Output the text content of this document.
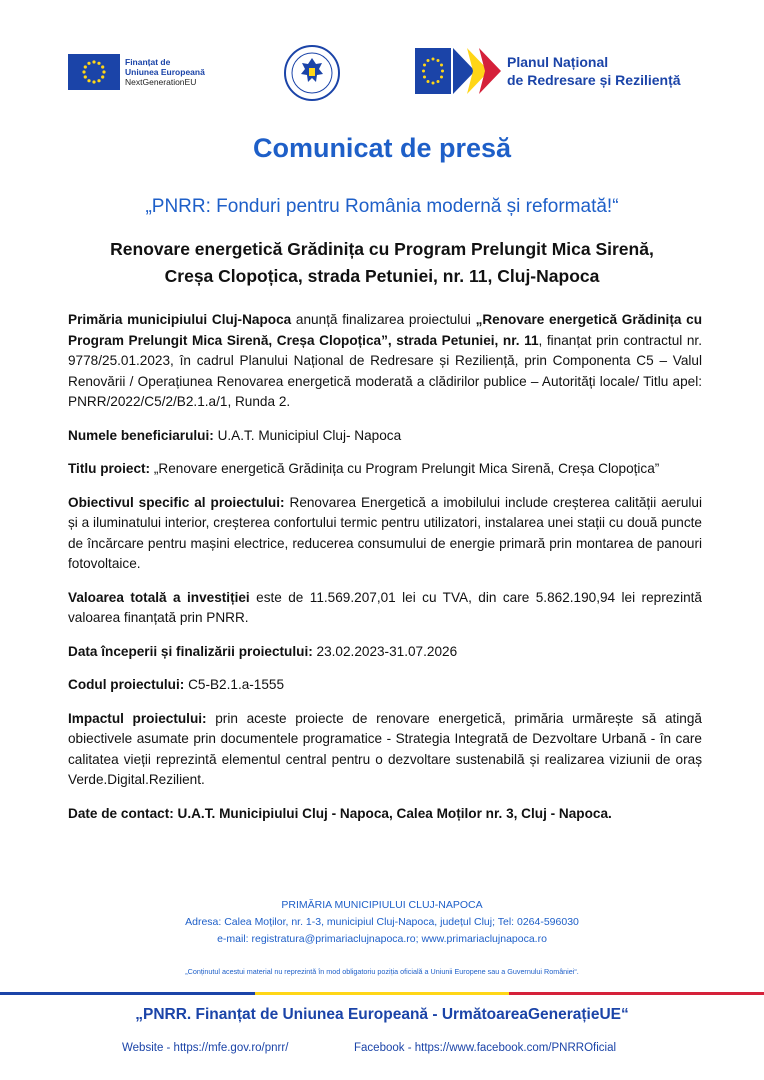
Finanțat de
Uniunea Europeană
NextGenerationEU
Planul Național
de Redresare și Reziliență
Comunicat de presă
„PNRR: Fonduri pentru România modernă și reformată!“
Renovare energetică Grădinița cu Program Prelungit Mica Sirenă,
Creșa Clopoțica, strada Petuniei, nr. 11, Cluj-Napoca

Primăria municipiului Cluj-Napoca anunță finalizarea proiectului „Renovare energetică Grădinița cu Program Prelungit Mica Sirenă, Creșa Clopoțica”, strada Petuniei, nr. 11, finanțat prin contractul nr. 9778/25.01.2023, în cadrul Planului Național de Redresare și Reziliență, prin Componenta C5 – Valul Renovării / Operațiunea Renovarea energetică moderată a clădirilor publice – Autorități locale/ Titlu apel: PNRR/2022/C5/2/B2.1.a/1, Runda 2.

Numele beneficiarului: U.A.T. Municipiul Cluj- Napoca

Titlu proiect: „Renovare energetică Grădinița cu Program Prelungit Mica Sirenă, Creșa Clopoțica”

Obiectivul specific al proiectului: Renovarea Energetică a imobilului include creșterea calității aerului și a iluminatului interior, creșterea confortului termic pentru utilizatori, instalarea unei stații cu două puncte de încărcare pentru mașini electrice, reducerea consumului de energie primară prin montarea de panouri fotovoltaice.

Valoarea totală a investiției este de 11.569.207,01 lei cu TVA, din care 5.862.190,94 lei reprezintă valoarea finanțată prin PNRR.

Data începerii și finalizării proiectului: 23.02.2023-31.07.2026

Codul proiectului: C5-B2.1.a-1555

Impactul proiectului: prin aceste proiecte de renovare energetică, primăria urmărește să atingă obiectivele asumate prin documentele programatice - Strategia Integrată de Dezvoltare Urbană - în care calitatea vieții reprezintă elementul central pentru o dezvoltare sustenabilă și realizarea viziunii de oraș Verde.Digital.Rezilient.

Date de contact: U.A.T. Municipiului Cluj - Napoca, Calea Moților nr. 3, Cluj - Napoca.

PRIMĂRIA MUNICIPIULUI CLUJ-NAPOCA
Adresa: Calea Moților, nr. 1-3, municipiul Cluj-Napoca, județul Cluj; Tel: 0264-596030
e-mail: registratura@primariaclujnapoca.ro; www.primariaclujnapoca.ro
„Conținutul acestui material nu reprezintă în mod obligatoriu poziția oficială a Uniunii Europene sau a Guvernului României“.
„PNRR. Finanțat de Uniunea Europeană - UrmătoareaGenerațieUE“
Website - https://mfe.gov.ro/pnrr/	Facebook - https://www.facebook.com/PNRROficial
